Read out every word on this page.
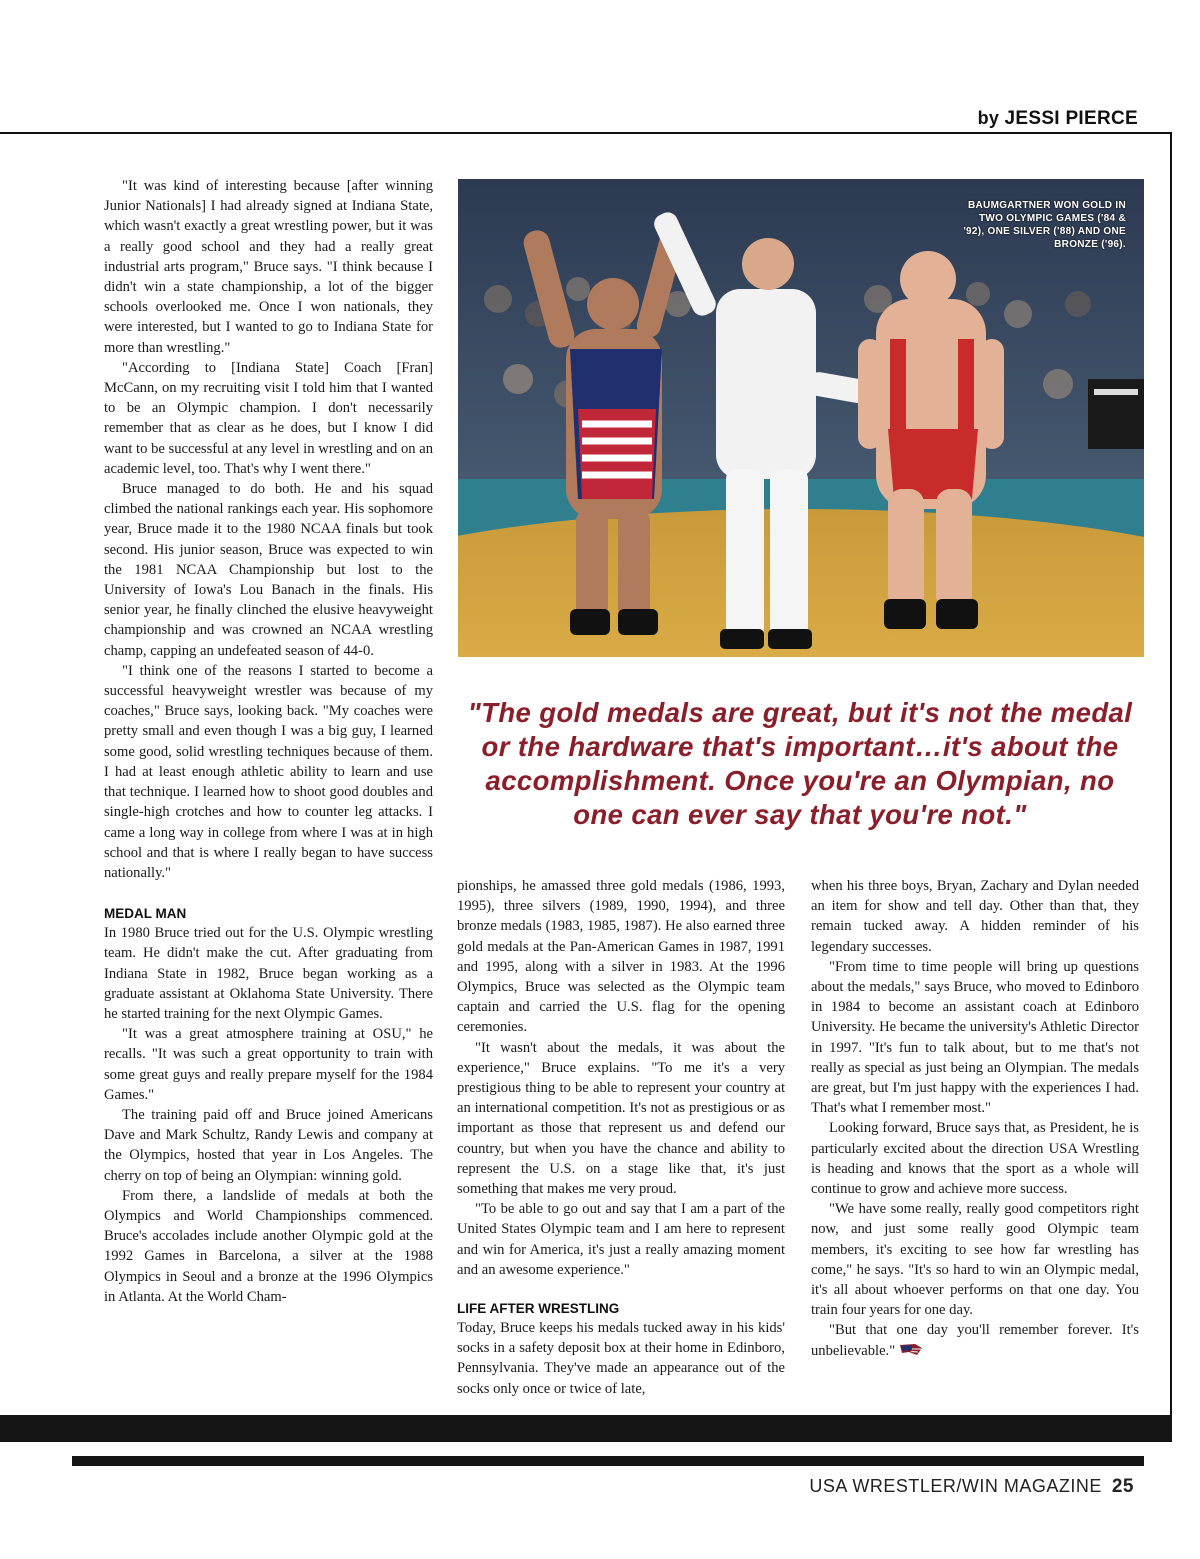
by JESSI PIERCE

"It was kind of interesting because [after winning Junior Nationals] I had already signed at Indiana State, which wasn't exactly a great wrestling power, but it was a really good school and they had a really great industrial arts program," Bruce says. "I think because I didn't win a state championship, a lot of the bigger schools overlooked me. Once I won nationals, they were interested, but I wanted to go to Indiana State for more than wrestling."

"According to [Indiana State] Coach [Fran] McCann, on my recruiting visit I told him that I wanted to be an Olympic champion. I don't necessarily remember that as clear as he does, but I know I did want to be successful at any level in wrestling and on an academic level, too. That's why I went there."

Bruce managed to do both. He and his squad climbed the national rankings each year. His sophomore year, Bruce made it to the 1980 NCAA finals but took second. His junior season, Bruce was expected to win the 1981 NCAA Championship but lost to the University of Iowa's Lou Banach in the finals. His senior year, he finally clinched the elusive heavyweight championship and was crowned an NCAA wrestling champ, capping an undefeated season of 44-0.

"I think one of the reasons I started to become a successful heavyweight wrestler was because of my coaches," Bruce says, looking back. "My coaches were pretty small and even though I was a big guy, I learned some good, solid wrestling techniques because of them. I had at least enough athletic ability to learn and use that technique. I learned how to shoot good doubles and single-high crotches and how to counter leg attacks. I came a long way in college from where I was at in high school and that is where I really began to have success nationally."

MEDAL MAN

In 1980 Bruce tried out for the U.S. Olympic wrestling team. He didn't make the cut. After graduating from Indiana State in 1982, Bruce began working as a graduate assistant at Oklahoma State University. There he started training for the next Olympic Games.

"It was a great atmosphere training at OSU," he recalls. "It was such a great opportunity to train with some great guys and really prepare myself for the 1984 Games."

The training paid off and Bruce joined Americans Dave and Mark Schultz, Randy Lewis and company at the Olympics, hosted that year in Los Angeles. The cherry on top of being an Olympian: winning gold.

From there, a landslide of medals at both the Olympics and World Championships commenced. Bruce's accolades include another Olympic gold at the 1992 Games in Barcelona, a silver at the 1988 Olympics in Seoul and a bronze at the 1996 Olympics in Atlanta. At the World Cham-

BAUMGARTNER WON GOLD IN TWO OLYMPIC GAMES ('84 & '92), ONE SILVER ('88) AND ONE BRONZE ('96).
"The gold medals are great, but it's not the medal or the hardware that's important…it's about the accomplishment. Once you're an Olympian, no one can ever say that you're not."

pionships, he amassed three gold medals (1986, 1993, 1995), three silvers (1989, 1990, 1994), and three bronze medals (1983, 1985, 1987). He also earned three gold medals at the Pan-American Games in 1987, 1991 and 1995, along with a silver in 1983. At the 1996 Olympics, Bruce was selected as the Olympic team captain and carried the U.S. flag for the opening ceremonies.

"It wasn't about the medals, it was about the experience," Bruce explains. "To me it's a very prestigious thing to be able to represent your country at an international competition. It's not as prestigious or as important as those that represent us and defend our country, but when you have the chance and ability to represent the U.S. on a stage like that, it's just something that makes me very proud.

"To be able to go out and say that I am a part of the United States Olympic team and I am here to represent and win for America, it's just a really amazing moment and an awesome experience."

LIFE AFTER WRESTLING

Today, Bruce keeps his medals tucked away in his kids' socks in a safety deposit box at their home in Edinboro, Pennsylvania. They've made an appearance out of the socks only once or twice of late,

when his three boys, Bryan, Zachary and Dylan needed an item for show and tell day. Other than that, they remain tucked away. A hidden reminder of his legendary successes.

"From time to time people will bring up questions about the medals," says Bruce, who moved to Edinboro in 1984 to become an assistant coach at Edinboro University. He became the university's Athletic Director in 1997. "It's fun to talk about, but to me that's not really as special as just being an Olympian. The medals are great, but I'm just happy with the experiences I had. That's what I remember most."

Looking forward, Bruce says that, as President, he is particularly excited about the direction USA Wrestling is heading and knows that the sport as a whole will continue to grow and achieve more success.

"We have some really, really good competitors right now, and just some really good Olympic team members, it's exciting to see how far wrestling has come," he says. "It's so hard to win an Olympic medal, it's all about whoever performs on that one day. You train four years for one day.

"But that one day you'll remember forever. It's unbelievable."

USA WRESTLER/WIN MAGAZINE 25
